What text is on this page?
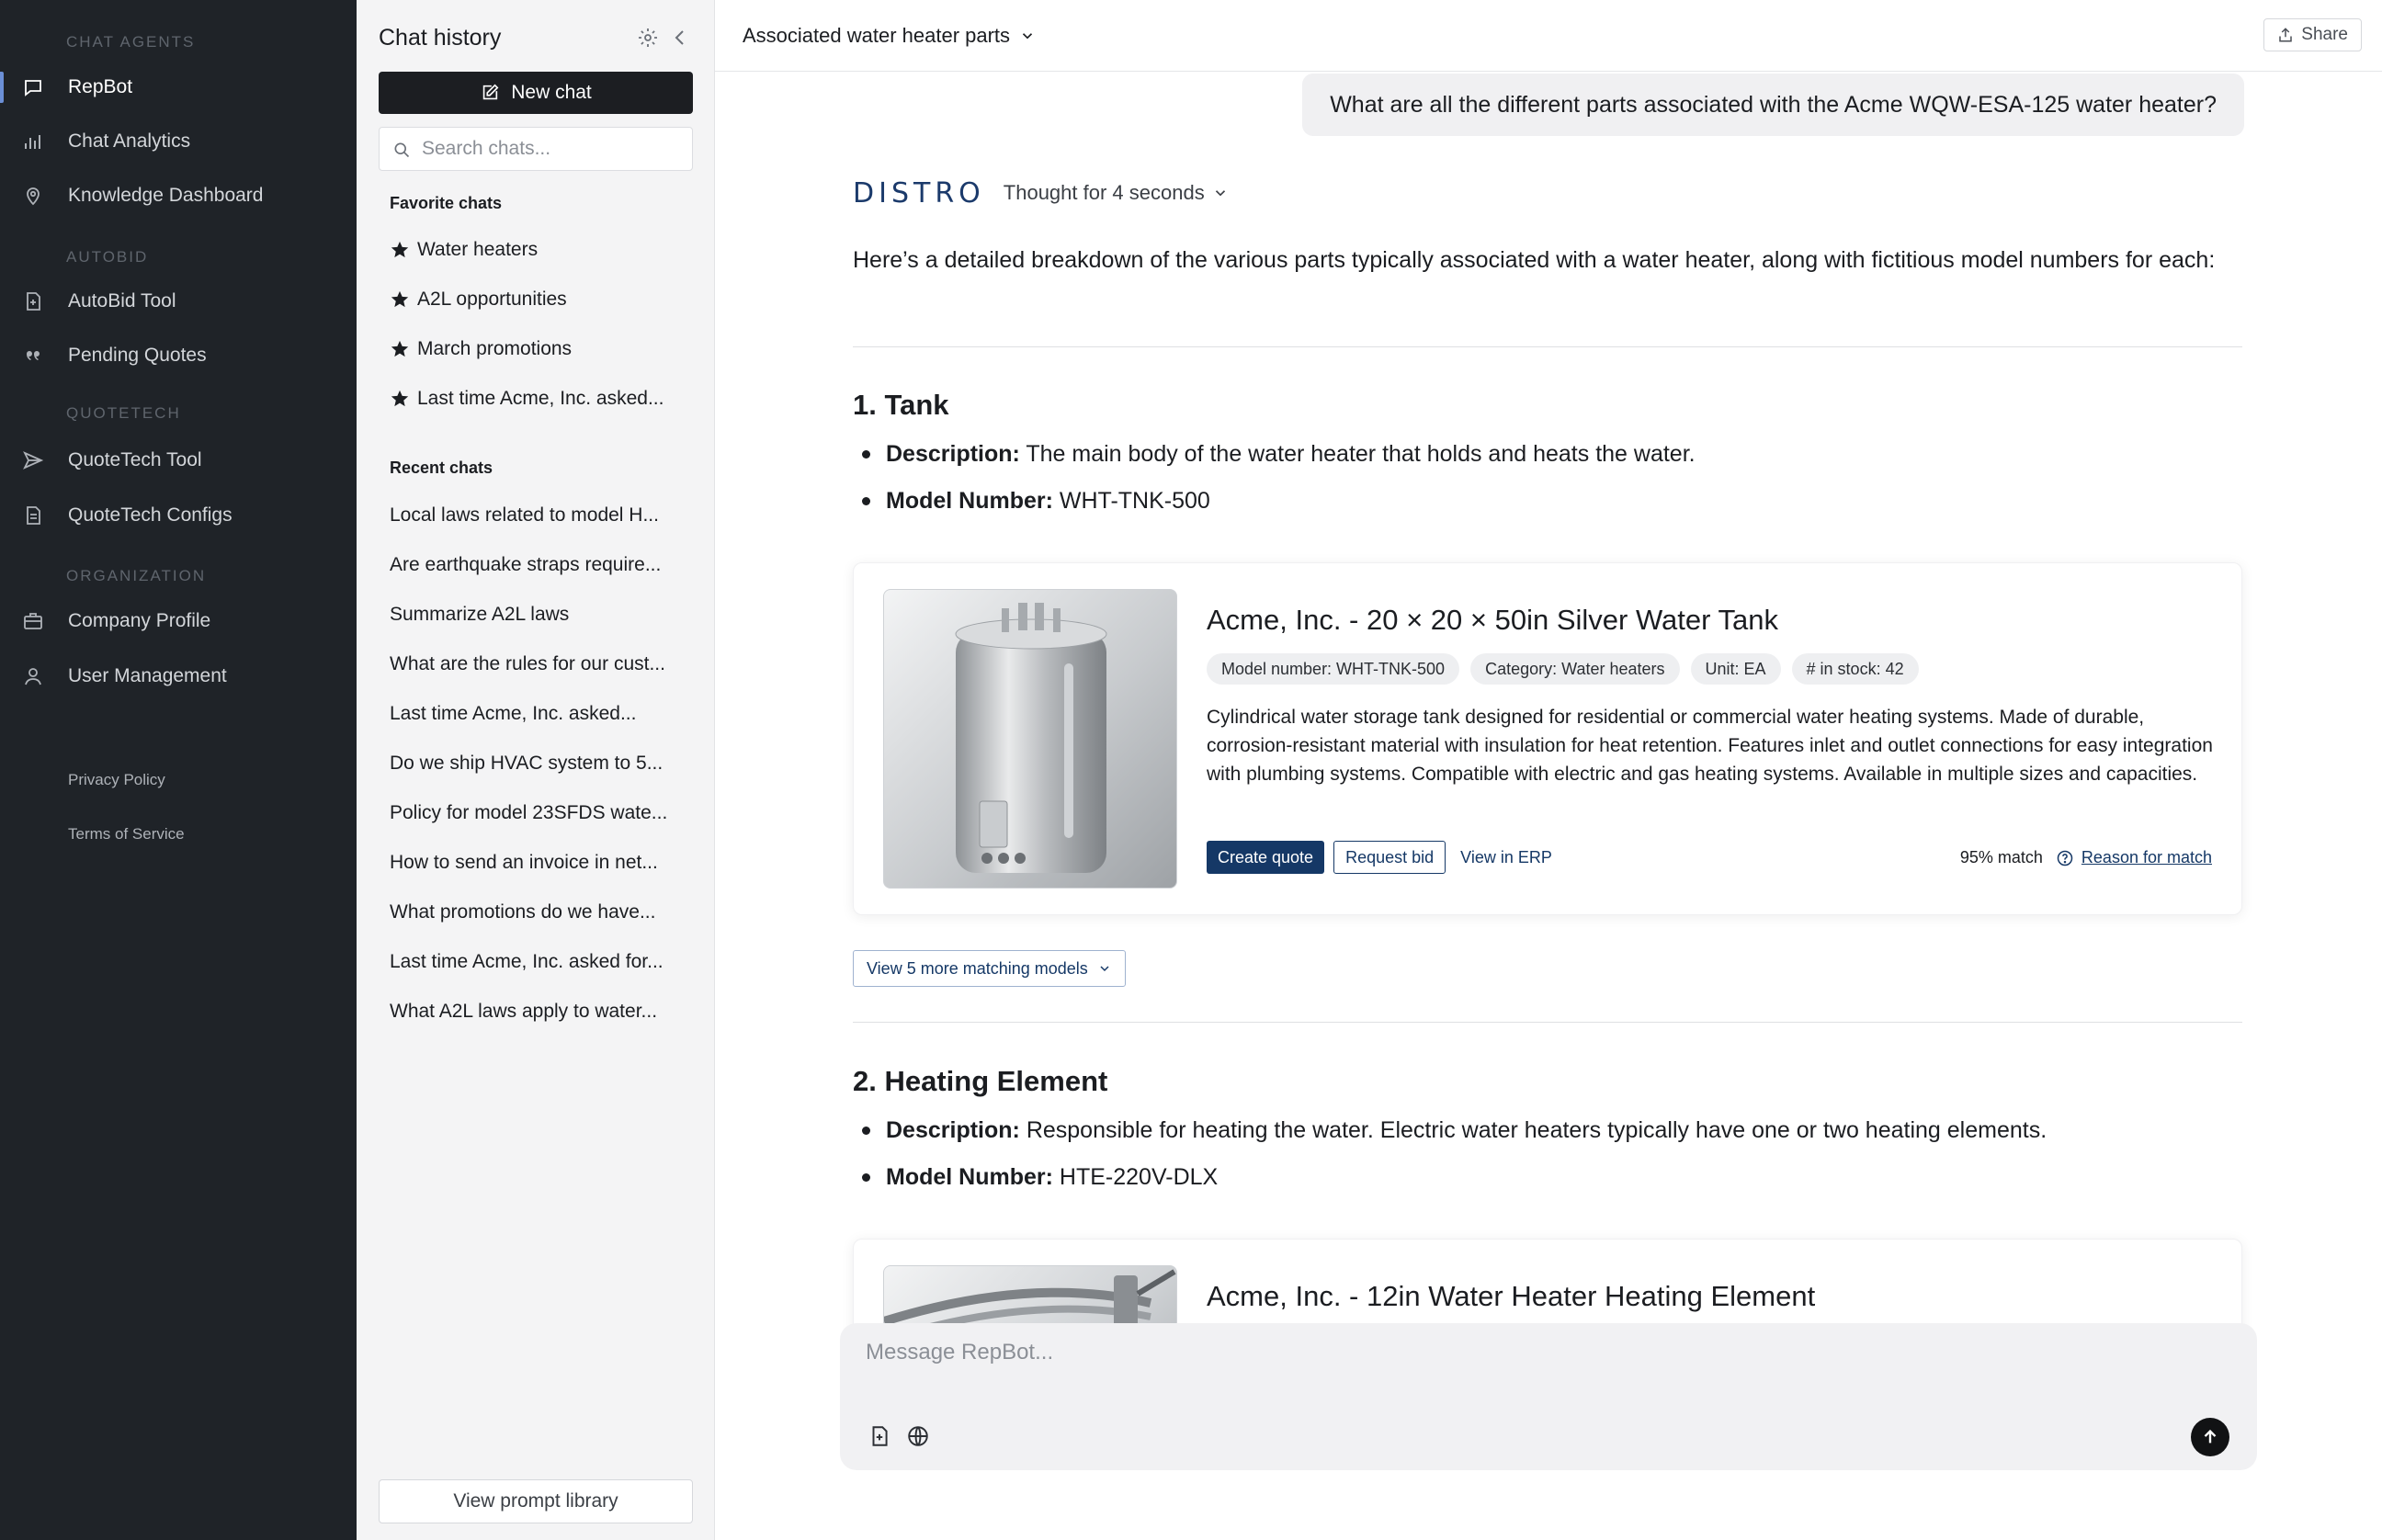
CHAT AGENTS
RepBot
Chat Analytics
Knowledge Dashboard
AUTOBID
AutoBid Tool
Pending Quotes
QUOTETECH
QuoteTech Tool
QuoteTech Configs
ORGANIZATION
Company Profile
User Management
Privacy Policy
Terms of Service
Chat history
New chat
Search chats...
Favorite chats
Water heaters
A2L opportunities
March promotions
Last time Acme, Inc. asked...
Recent chats
Local laws related to model H...
Are earthquake straps require...
Summarize A2L laws
What are the rules for our cust...
Last time Acme, Inc. asked...
Do we ship HVAC system to 5...
Policy for model 23SFDS wate...
How to send an invoice in net...
What promotions do we have...
Last time Acme, Inc. asked for...
What A2L laws apply to water...
View prompt library
Associated water heater parts	Share
What are all the different parts associated with the Acme WQW-ESA-125 water heater?
DISTRO Thought for 4 seconds
Here’s a detailed breakdown of the various parts typically associated with a water heater, along with fictitious model numbers for each:
1. Tank
Description: The main body of the water heater that holds and heats the water.
Model Number: WHT-TNK-500
Acme, Inc. - 20 × 20 × 50in Silver Water Tank
Model number: WHT-TNK-500	Category: Water heaters	Unit: EA	# in stock: 42
Cylindrical water storage tank designed for residential or commercial water heating systems. Made of durable, corrosion-resistant material with insulation for heat retention. Features inlet and outlet connections for easy integration with plumbing systems. Compatible with electric and gas heating systems. Available in multiple sizes and capacities.
Create quote	Request bid	View in ERP	95% match Reason for match
View 5 more matching models
2. Heating Element
Description: Responsible for heating the water. Electric water heaters typically have one or two heating elements.
Model Number: HTE-220V-DLX
Acme, Inc. - 12in Water Heater Heating Element
Message RepBot...
